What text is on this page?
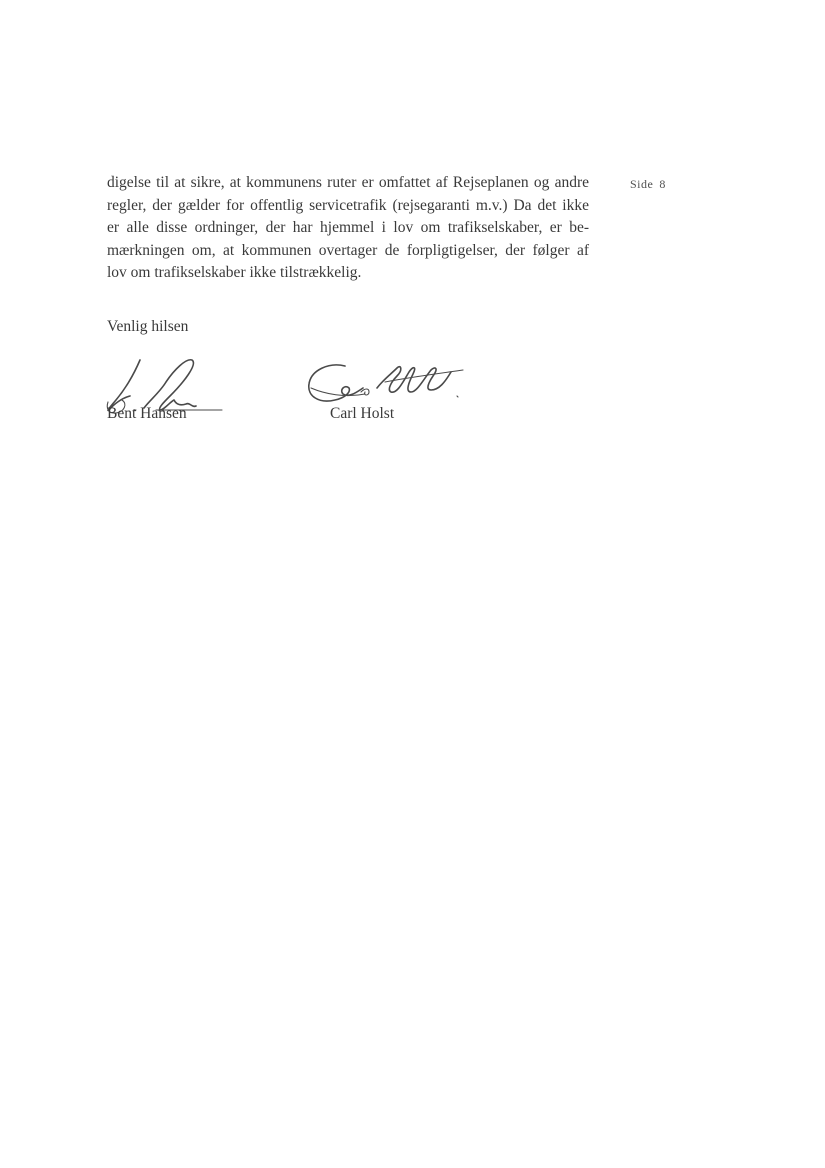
Side 8
digelse til at sikre, at kommunens ruter er omfattet af Rejseplanen og andre
regler, der gælder for offentlig servicetrafik (rejsegaranti m.v.) Da det ikke
er alle disse ordninger, der har hjemmel i lov om trafikselskaber, er be-
mærkningen om, at kommunen overtager de forpligtigelser, der følger af
lov om trafikselskaber ikke tilstrækkelig.
Venlig hilsen
Bent Hansen	Carl Holst
